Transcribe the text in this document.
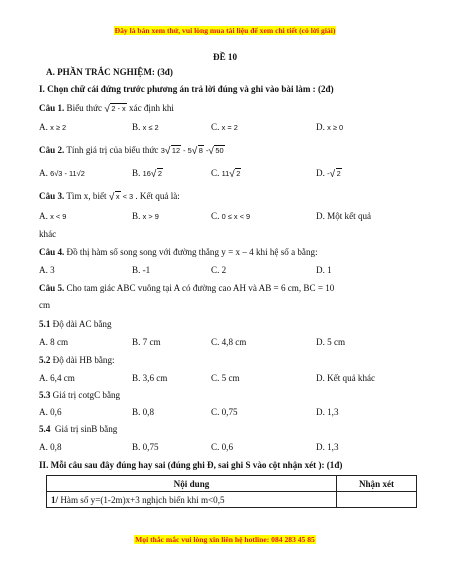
Đây là bản xem thử, vui lòng mua tài liệu để xem chi tiết (có lời giải)
ĐỀ 10
A. PHẦN TRẮC NGHIỆM: (3đ)
I. Chọn chữ cái đứng trước phương án trả lời đúng và ghi vào bài làm : (2đ)
Câu 1. Biểu thức √ 2 - x xác định khi
A. x ≥ 2	B. x ≤ 2	C. x = 2	D. x ≥ 0
Câu 2. Tính giá trị của biểu thức 3√ 12 - 5√ 8 -√ 50
A. 6√3 - 11√2	B. 16√ 2	C. 11√ 2	D. -√ 2
Câu 3. Tìm x, biết √ x < 3 . Kết quả là:
A. x < 9	B. x > 9	C. 0 ≤ x < 9	D. Một kết quả
khác
Câu 4. Đồ thị hàm số song song với đường thẳng y = x – 4 khi hệ số a bằng:
A. 3	B. -1	C. 2	D. 1
Câu 5. Cho tam giác ABC vuông tại A có đường cao AH và AB = 6 cm, BC = 10
cm
5.1 Độ dài AC bằng
A. 8 cm	B. 7 cm	C. 4,8 cm	D. 5 cm
5.2 Độ dài HB bằng:
A. 6,4 cm	B. 3,6 cm	C. 5 cm	D. Kết quả khác
5.3 Giá trị cotgC bằng
A. 0,6	B. 0,8	C. 0,75	D. 1,3
5.4 Giá trị sinB bằng
A. 0,8	B. 0,75	C. 0,6	D. 1,3
II. Mỗi câu sau đây đúng hay sai (đúng ghi Đ, sai ghi S vào cột nhận xét ): (1đ)
Nội dung	Nhận xét
1/ Hàm số y=(1-2m)x+3 nghịch biến khi m<0,5	
Mọi thắc mắc vui lòng xin liên hệ hotline: 084 283 45 85
